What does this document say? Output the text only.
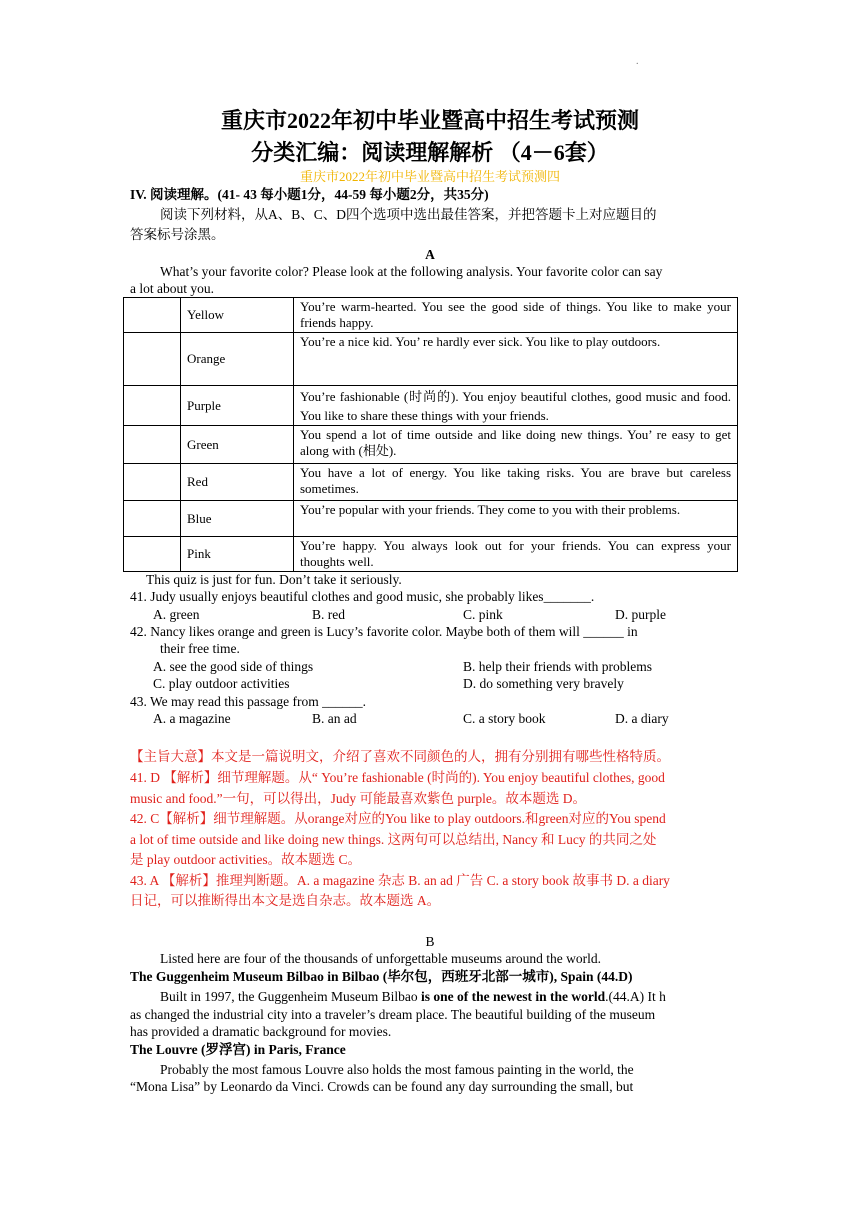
.
重庆市2022年初中毕业暨高中招生考试预测
分类汇编：阅读理解解析 （4－6套）
重庆市2022年初中毕业暨高中招生考试预测四
IV. 阅读理解。(41- 43 每小题1分，44-59 每小题2分，共35分)
阅读下列材料，从A、B、C、D四个选项中选出最佳答案，并把答题卡上对应题目的
答案标号涂黑。
A
What’s your favorite color? Please look at the following analysis. Your favorite color can say
a lot about you.
	Yellow	You’re warm-hearted. You see the good side of things. You like to make your friends happy.
	Orange	You’re a nice kid. You’ re hardly ever sick. You like to play outdoors.
	Purple	You’re fashionable (时尚的). You enjoy beautiful clothes, good music and food. You like to share these things with your friends.
	Green	You spend a lot of time outside and like doing new things. You’ re easy to get along with (相处).
	Red	You have a lot of energy. You like taking risks. You are brave but careless sometimes.
	Blue	You’re popular with your friends. They come to you with their problems.
	Pink	You’re happy. You always look out for your friends. You can express your thoughts well.
This quiz is just for fun. Don’t take it seriously.
41. Judy usually enjoys beautiful clothes and good music, she probably likes_______.
A. green	B. red	C. pink	D. purple
42. Nancy likes orange and green is Lucy’s favorite color. Maybe both of them will ______ in
their free time.
A. see the good side of things	B. help their friends with problems
C. play outdoor activities	D. do something very bravely
43. We may read this passage from ______.
A. a magazine	B. an ad	C. a story book	D. a diary
【主旨大意】本文是一篇说明文，介绍了喜欢不同颜色的人，拥有分别拥有哪些性格特质。
41. D 【解析】细节理解题。从“ You’re fashionable (时尚的). You enjoy beautiful clothes, good
music and food.”一句，可以得出，Judy 可能最喜欢紫色 purple。故本题选 D。
42. C【解析】细节理解题。从orange对应的You like to play outdoors.和green对应的You spend
a lot of time outside and like doing new things. 这两句可以总结出, Nancy 和 Lucy 的共同之处
是 play outdoor activities。故本题选 C。
43. A 【解析】推理判断题。A. a magazine 杂志 B. an ad 广告 C. a story book 故事书 D. a diary
日记，可以推断得出本文是选自杂志。故本题选 A。
B
Listed here are four of the thousands of unforgettable museums around the world.
The Guggenheim Museum Bilbao in Bilbao (毕尔包，西班牙北部一城市), Spain (44.D)
Built in 1997, the Guggenheim Museum Bilbao is one of the newest in the world.(44.A) It h
as changed the industrial city into a traveler’s dream place. The beautiful building of the museum
has provided a dramatic background for movies.
The Louvre (罗浮宫) in Paris, France
Probably the most famous Louvre also holds the most famous painting in the world, the
“Mona Lisa” by Leonardo da Vinci. Crowds can be found any day surrounding the small, but
